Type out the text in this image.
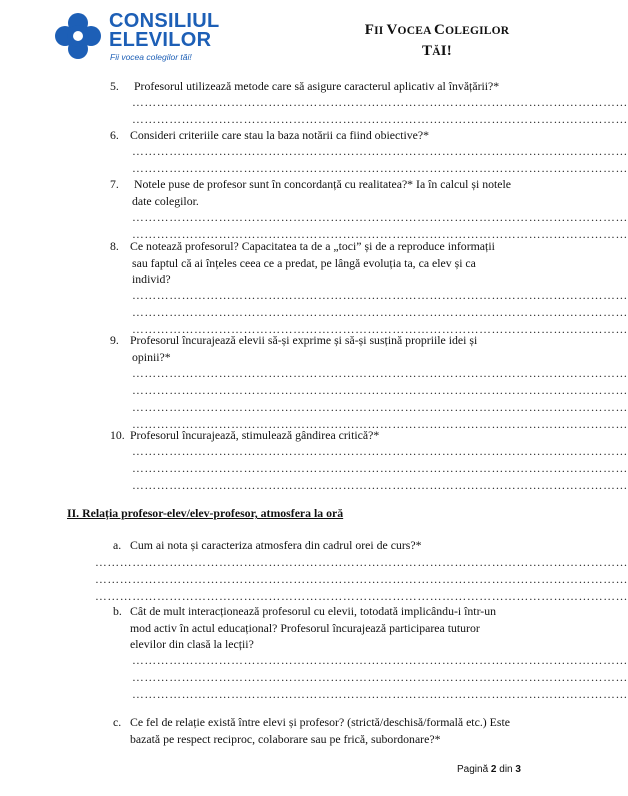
CONSILIUL
ELEVILOR
Fii vocea colegilor tăi!
FII VOCEA COLEGILOR
TĂI!
5. Profesorul utilizează metode care să asigure caracterul aplicativ al învățării?*
…………………………………………………………………………………………………………
…………………………………………………………………………………………………………
6. Consideri criteriile care stau la baza notării ca fiind obiective?*
…………………………………………………………………………………………………………
…………………………………………………………………………………………………………
7. Notele puse de profesor sunt în concordanță cu realitatea?* Ia în calcul și notele
date colegilor.
…………………………………………………………………………………………………………
…………………………………………………………………………………………………………
8. Ce notează profesorul? Capacitatea ta de a „toci” și de a reproduce informații
sau faptul că ai înțeles ceea ce a predat, pe lângă evoluția ta, ca elev și ca
individ?
…………………………………………………………………………………………………………
…………………………………………………………………………………………………………
…………………………………………………………………………………………………………
9. Profesorul încurajează elevii să-și exprime și să-și susțină propriile idei și
opinii?*
…………………………………………………………………………………………………………
…………………………………………………………………………………………………………
…………………………………………………………………………………………………………
…………………………………………………………………………………………………………
10. Profesorul încurajează, stimulează gândirea critică?*
…………………………………………………………………………………………………………
…………………………………………………………………………………………………………
…………………………………………………………………………………………………………
II. Relația profesor-elev/elev-profesor, atmosfera la oră
a. Cum ai nota și caracteriza atmosfera din cadrul orei de curs?*
…………………………………………………………………………………………………………………
…………………………………………………………………………………………………………………
…………………………………………………………………………………………………………………
b. Cât de mult interacționează profesorul cu elevii, totodată implicându-i într-un
mod activ în actul educațional? Profesorul încurajează participarea tuturor
elevilor din clasă la lecții?
…………………………………………………………………………………………………………
…………………………………………………………………………………………………………
…………………………………………………………………………………………………………
c. Ce fel de relație există între elevi și profesor? (strictă/deschisă/formală etc.) Este
bazată pe respect reciproc, colaborare sau pe frică, subordonare?*
Pagină 2 din 3
